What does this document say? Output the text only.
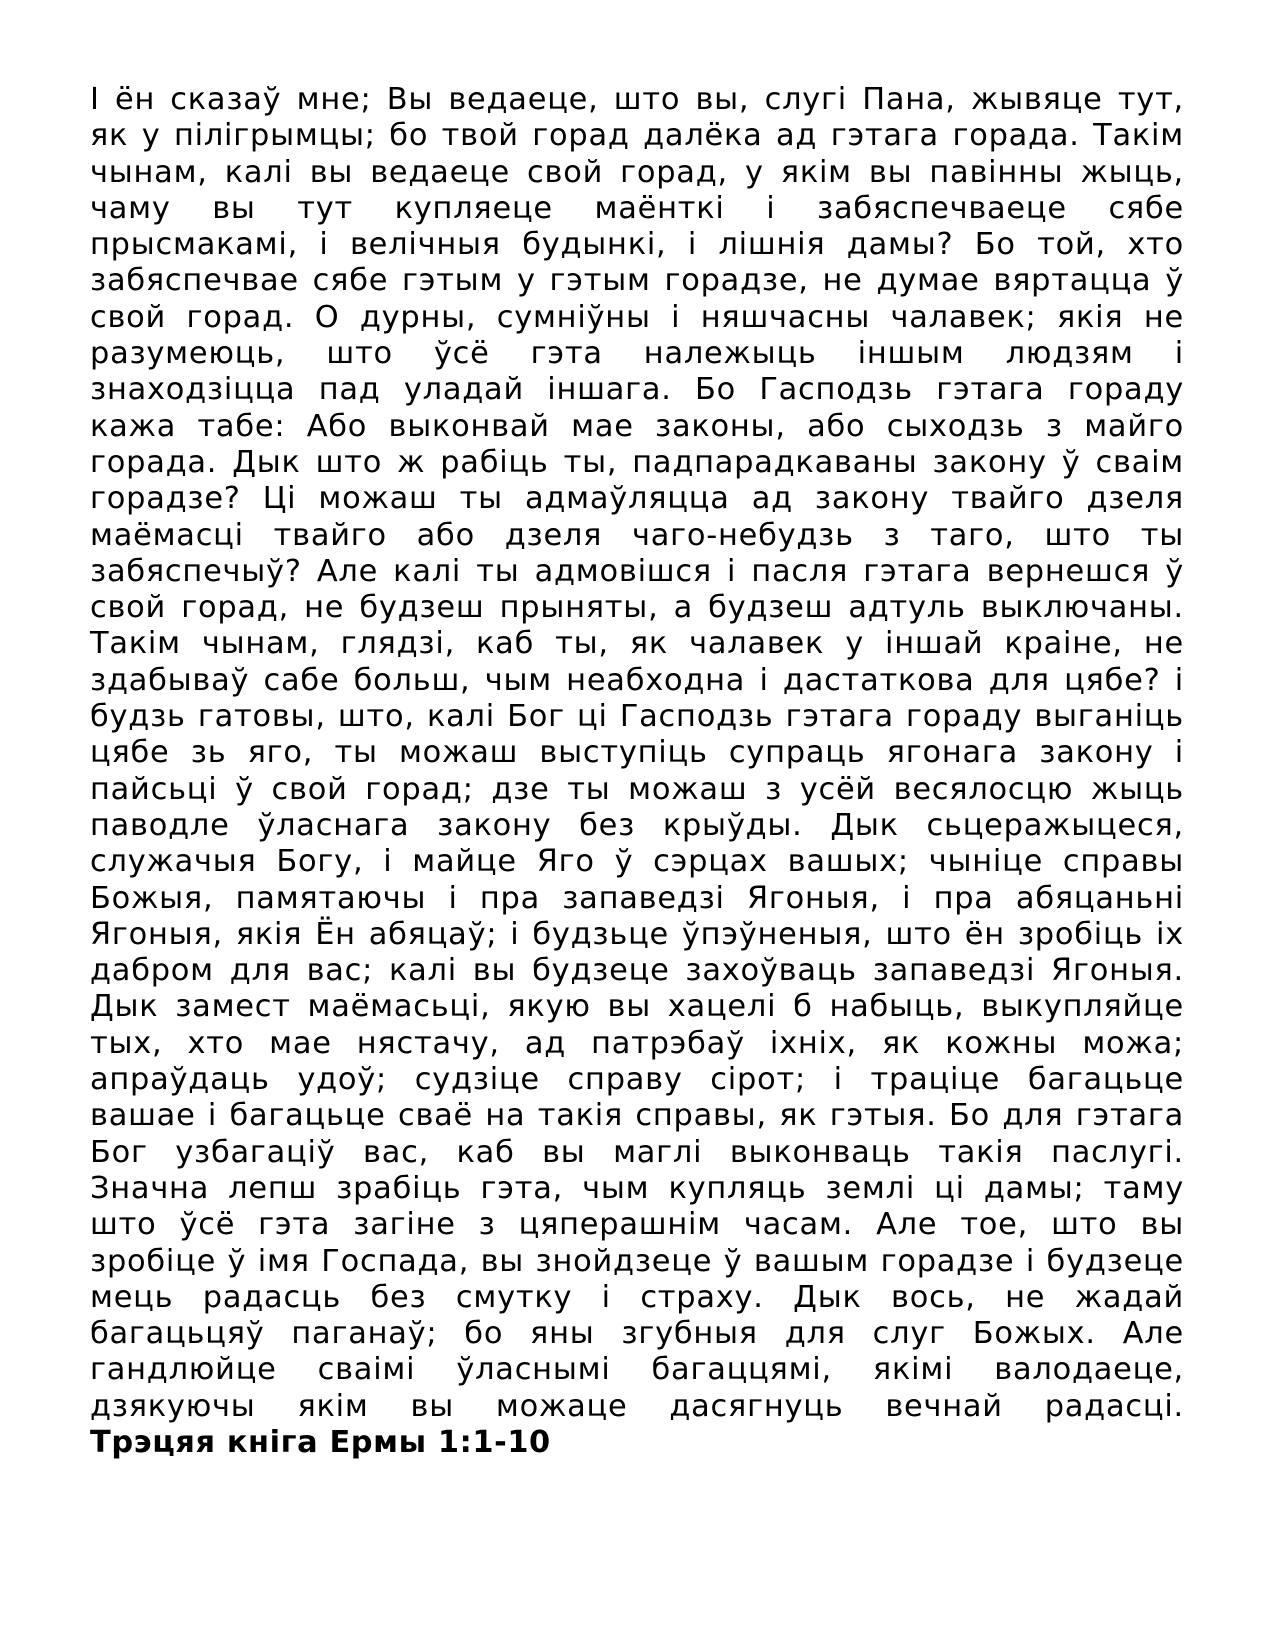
І ён сказаў мне; Вы ведаеце, што вы, слугі Пана, жывяце тут, як у пілігрымцы; бо твой горад далёка ад гэтага горада. Такім чынам, калі вы ведаеце свой горад, у якім вы павінны жыць, чаму вы тут купляеце маёнткі і забяспечваеце сябе прысмакамі, і велічныя будынкі, і лішнія дамы? Бо той, хто забяспечвае сябе гэтым у гэтым горадзе, не думае вяртацца ў свой горад. О дурны, сумніўны і няшчасны чалавек; якія не разумеюць, што ўсё гэта належыць іншым людзям і знаходзіцца пад уладай іншага. Бо Гасподзь гэтага гораду кажа табе: Або выконвай мае законы, або сыходзь з майго горада. Дык што ж рабіць ты, падпарадкаваны закону ў сваім горадзе? Ці можаш ты адмаўляцца ад закону твайго дзеля маёмасці твайго або дзеля чаго-небудзь з таго, што ты забяспечыў? Але калі ты адмовішся і пасля гэтага вернешся ў свой горад, не будзеш прыняты, а будзеш адтуль выключаны. Такім чынам, глядзі, каб ты, як чалавек у іншай краіне, не здабываў сабе больш, чым неабходна і дастаткова для цябе? і будзь гатовы, што, калі Бог ці Гасподзь гэтага гораду выганіць цябе зь яго, ты можаш выступіць супраць ягонага закону і пайсьці ў свой горад; дзе ты можаш з усёй весялосцю жыць паводле ўласнага закону без крыўды. Дык сьцеражыцеся, служачыя Богу, і майце Яго ў сэрцах вашых; чыніце справы Божыя, памятаючы і пра запаведзі Ягоныя, і пра абяцаньні Ягоныя, якія Ён абяцаў; і будзьце ўпэўненыя, што ён зробіць іх дабром для вас; калі вы будзеце захоўваць запаведзі Ягоныя. Дык замест маёмасьці, якую вы хацелі б набыць, выкупляйце тых, хто мае нястачу, ад патрэбаў іхніх, як кожны можа; апраўдаць удоў; судзіце справу сірот; і траціце багацьце вашае і багацьце сваё на такія справы, як гэтыя. Бо для гэтага Бог узбагаціў вас, каб вы маглі выконваць такія паслугі. Значна лепш зрабіць гэта, чым купляць землі ці дамы; таму што ўсё гэта загіне з цяперашнім часам. Але тое, што вы зробіце ў імя Госпада, вы знойдзеце ў вашым горадзе і будзеце мець радасць без смутку і страху. Дык вось, не жадай багацьцяў паганаў; бо яны згубныя для слуг Божых. Але гандлюйце сваімі ўласнымі багаццямі, якімі валодаеце, дзякуючы якім вы можаце дасягнуць вечнай радасці.

Трэцяя кніга Ермы 1:1-10
